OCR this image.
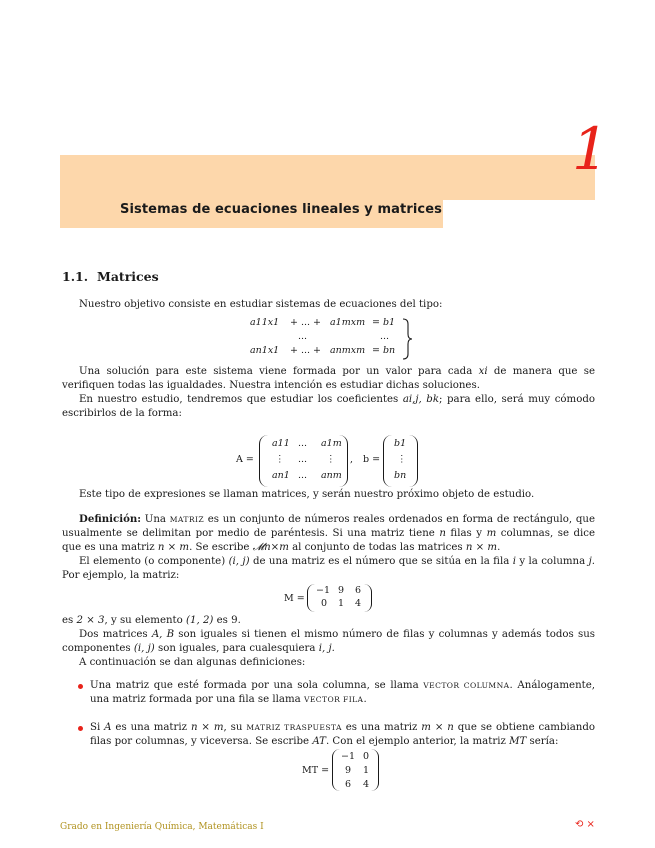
1
Sistemas de ecuaciones lineales y matrices
1.1. Matrices
Nuestro objetivo consiste en estudiar sistemas de ecuaciones del tipo:
a11x1 + ... + a1mxm = b1
...	...
an1x1 + ... + anmxm = bn
Una solución para este sistema viene formada por un valor para cada xi de manera que se verifiquen todas las igualdades. Nuestra intención es estudiar dichas soluciones.
En nuestro estudio, tendremos que estudiar los coeficientes ai,j, bk; para ello, será muy cómodo escribirlos de la forma:
A =
a11 ... a1m
⋮ ... ⋮
an1 ... anm
, b =
b1
⋮
bn
Este tipo de expresiones se llaman matrices, y serán nuestro próximo objeto de estudio.
Definición: Una MATRIZ es un conjunto de números reales ordenados en forma de rectángulo, que usualmente se delimitan por medio de paréntesis. Si una matriz tiene n filas y m columnas, se dice que es una matriz n × m. Se escribe 𝓜n×m al conjunto de todas las matrices n × m.
El elemento (o componente) (i, j) de una matriz es el número que se sitúa en la fila i y la columna j. Por ejemplo, la matriz:
M =
−1 9 6
0 1 4
es 2 × 3, y su elemento (1, 2) es 9.
Dos matrices A, B son iguales si tienen el mismo número de filas y columnas y además todos sus componentes (i, j) son iguales, para cualesquiera i, j.
A continuación se dan algunas definiciones:
Una matriz que esté formada por una sola columna, se llama VECTOR COLUMNA. Análogamente, una matriz formada por una fila se llama VECTOR FILA.
Si A es una matriz n × m, su MATRIZ TRASPUESTA es una matriz m × n que se obtiene cambiando filas por columnas, y viceversa. Se escribe AT. Con el ejemplo anterior, la matriz MT sería:
MT =
−1 0
9 1
6 4
Grado en Ingeniería Química, Matemáticas I	⟲ ×
